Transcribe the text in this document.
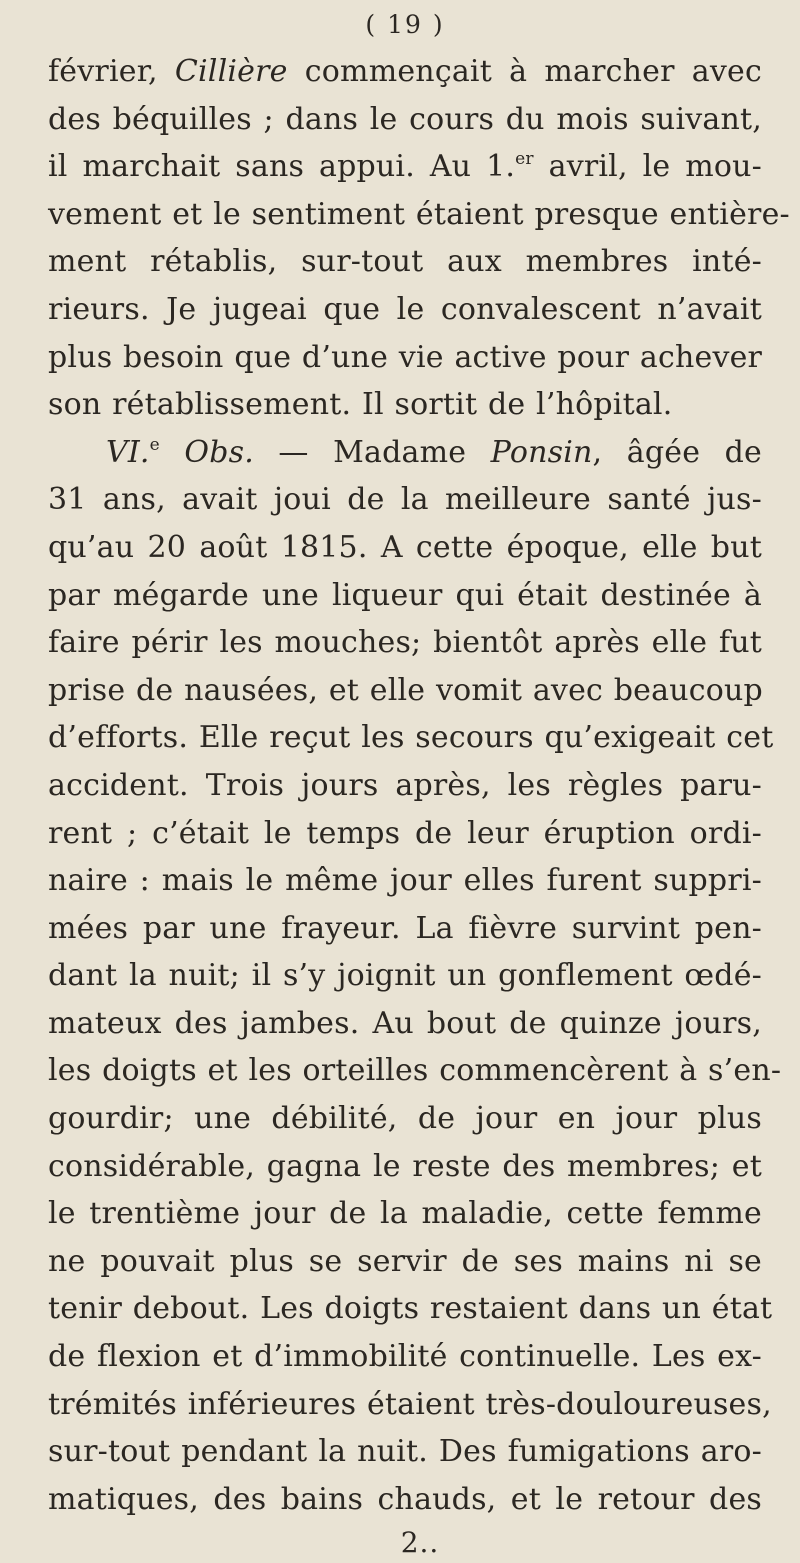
( 19 )
février, Cillière commençait à marcher avec
des béquilles ; dans le cours du mois suivant,
il marchait sans appui. Au 1.$^{er}$ avril, le mou-
vement et le sentiment étaient presque entière-
ment rétablis, sur-tout aux membres inté-
rieurs. Je jugeai que le convalescent n’avait
plus besoin que d’une vie active pour achever
son rétablissement. Il sortit de l’hôpital.
VI.$^e$ Obs. — Madame Ponsin, âgée de
31 ans, avait joui de la meilleure santé jus-
qu’au 20 août 1815. A cette époque, elle but
par mégarde une liqueur qui était destinée à
faire périr les mouches; bientôt après elle fut
prise de nausées, et elle vomit avec beaucoup
d’efforts. Elle reçut les secours qu’exigeait cet
accident. Trois jours après, les règles paru-
rent ; c’était le temps de leur éruption ordi-
naire : mais le même jour elles furent suppri-
mées par une frayeur. La fièvre survint pen-
dant la nuit; il s’y joignit un gonflement œdé-
mateux des jambes. Au bout de quinze jours,
les doigts et les orteilles commencèrent à s’en-
gourdir; une débilité, de jour en jour plus
considérable, gagna le reste des membres; et
le trentième jour de la maladie, cette femme
ne pouvait plus se servir de ses mains ni se
tenir debout. Les doigts restaient dans un état
de flexion et d’immobilité continuelle. Les ex-
trémités inférieures étaient très-douloureuses,
sur-tout pendant la nuit. Des fumigations aro-
matiques, des bains chauds, et le retour des
2..
